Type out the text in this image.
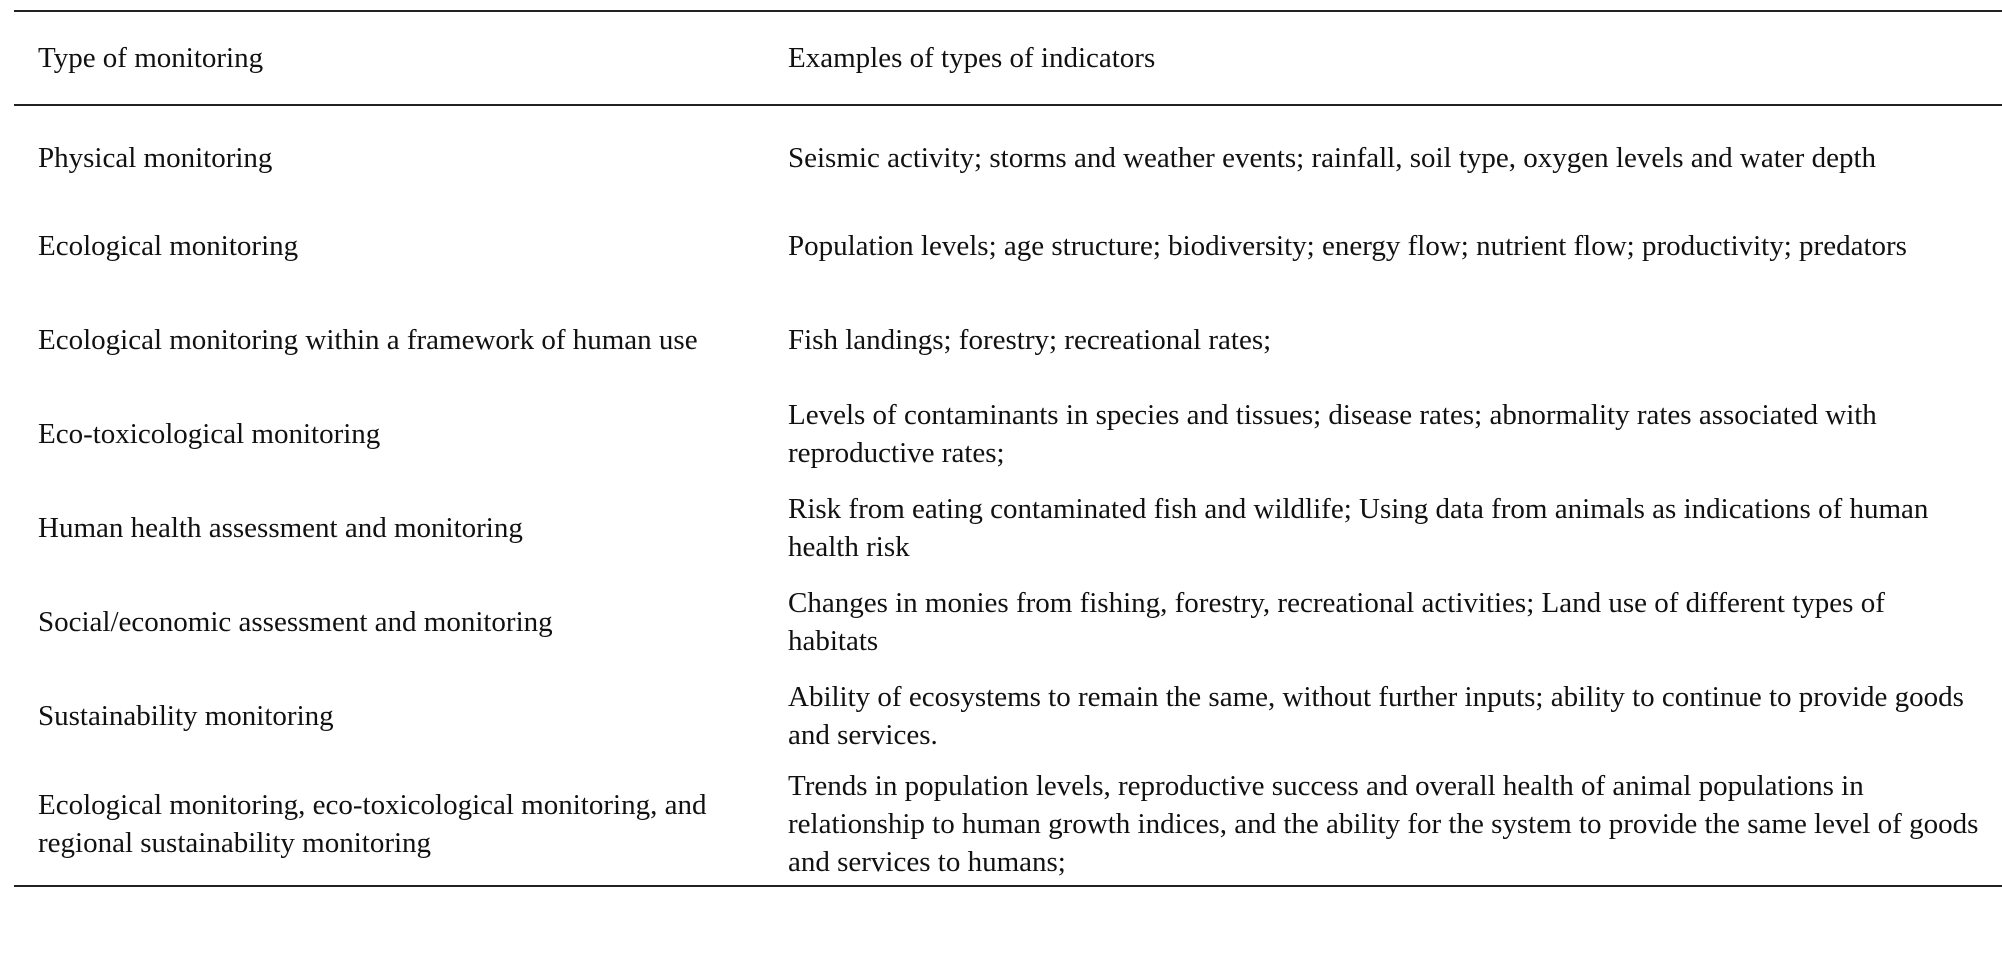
Type of monitoring	Examples of types of indicators
Physical monitoring	Seismic activity; storms and weather events; rainfall, soil type, oxygen levels and water depth
Ecological monitoring	Population levels; age structure; biodiversity; energy flow; nutrient flow; productivity; predators
Ecological monitoring within a framework of human use	Fish landings; forestry; recreational rates;
Eco-toxicological monitoring	Levels of contaminants in species and tissues; disease rates; abnormality rates associated with reproductive rates;
Human health assessment and monitoring	Risk from eating contaminated fish and wildlife; Using data from animals as indications of human health risk
Social/economic assessment and monitoring	Changes in monies from fishing, forestry, recreational activities; Land use of different types of habitats
Sustainability monitoring	Ability of ecosystems to remain the same, without further inputs; ability to continue to provide goods and services.
Ecological monitoring, eco-toxicological monitoring, and regional sustainability monitoring	Trends in population levels, reproductive success and overall health of animal populations in relationship to human growth indices, and the ability for the system to provide the same level of goods and services to humans;
